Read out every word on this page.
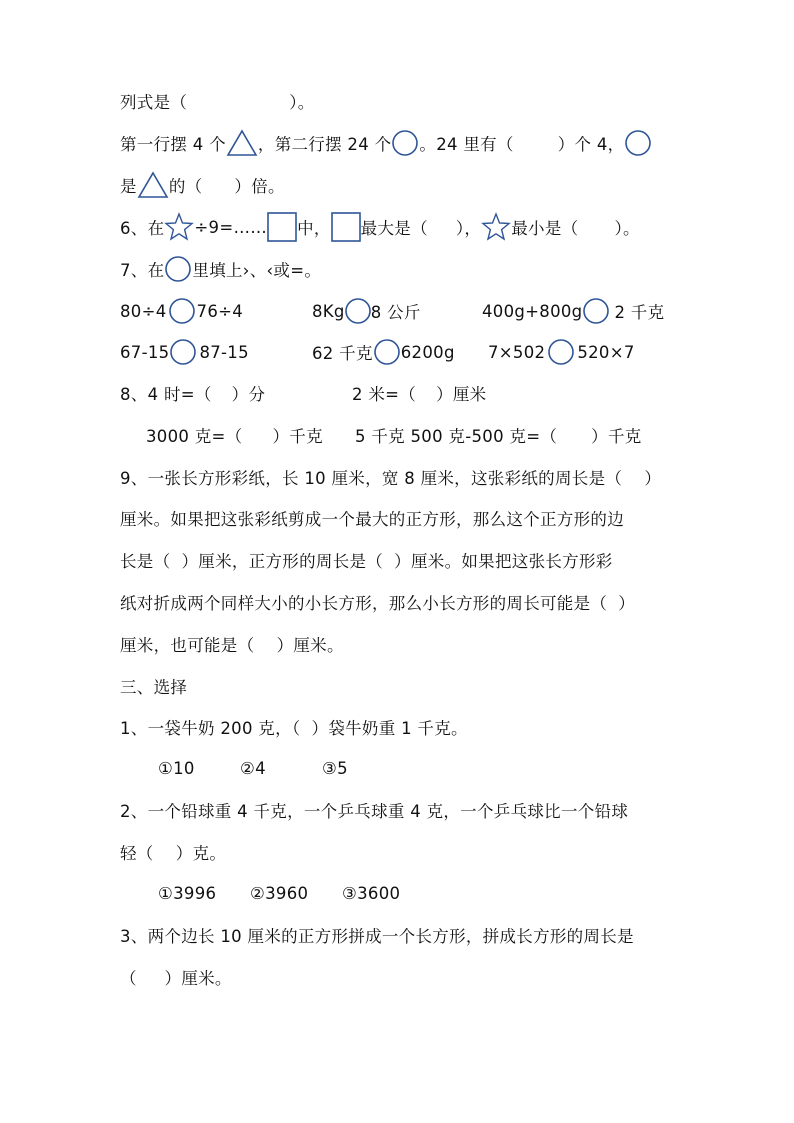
列式是（	）。
第一行摆 4 个 ，第二行摆 24 个 。24 里有（	）个 4，
是 的（ ）倍。
6、在 ÷9=…… 中， 最大是（ ）， 最小是（ ）。
7、在 里填上›、‹或=。
80÷4 76÷4	8Kg 8 公斤	400g+800g 2 千克
67-15 87-15	62 千克 6200g 7×502 520×7
8、4 时=（ ）分	2 米=（ ）厘米
3000 克=（ ）千克 5 千克 500 克-500 克=（ ）千克
9、一张长方形彩纸，长 10 厘米，宽 8 厘米，这张彩纸的周长是（    ）
厘米。如果把这张彩纸剪成一个最大的正方形，那么这个正方形的边
长是（  ）厘米，正方形的周长是（  ）厘米。如果把这张长方形彩
纸对折成两个同样大小的小长方形，那么小长方形的周长可能是（  ）
厘米，也可能是（    ）厘米。
三、选择
1、一袋牛奶 200 克，（  ）袋牛奶重 1 千克。
①10	②4	③5
2、一个铅球重 4 千克，一个乒乓球重 4 克，一个乒乓球比一个铅球
轻（    ）克。
①3996 ②3960 ③3600
3、两个边长 10 厘米的正方形拼成一个长方形，拼成长方形的周长是
（     ）厘米。
